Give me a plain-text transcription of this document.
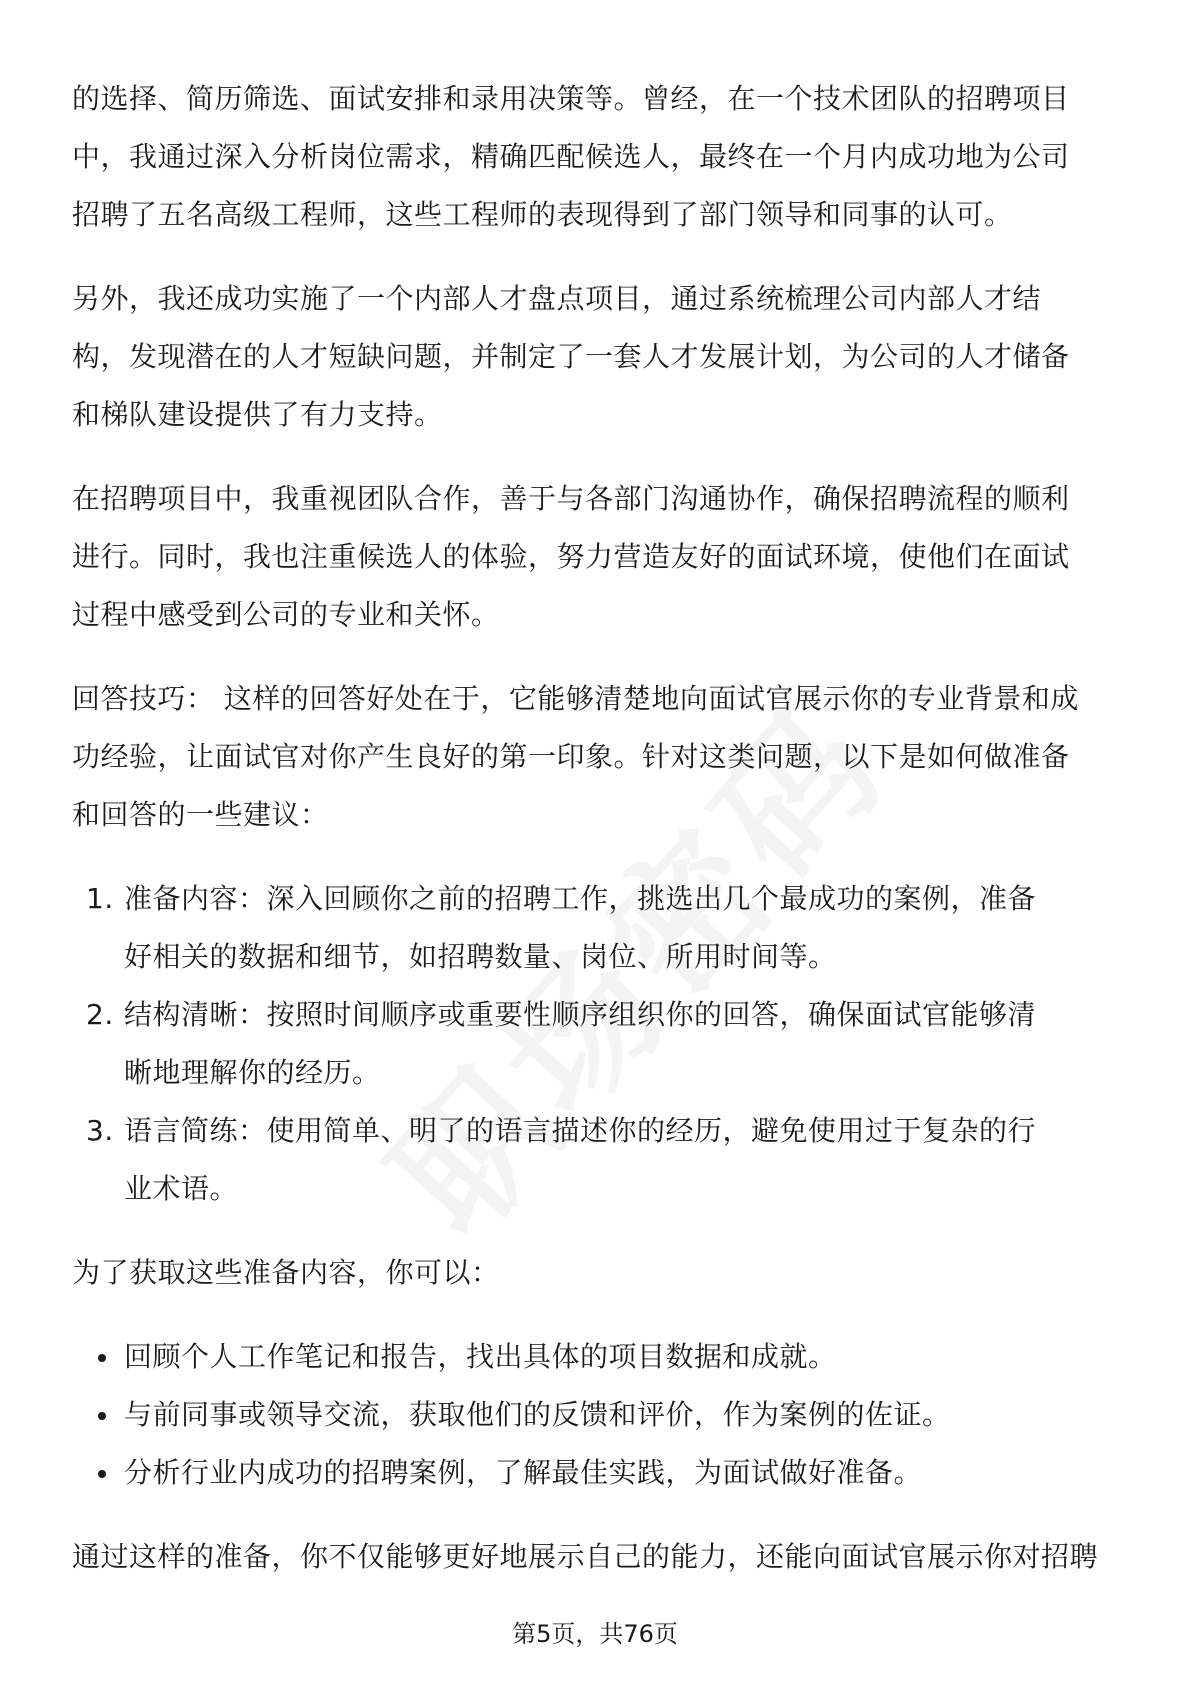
的选择、简历筛选、面试安排和录用决策等。曾经，在一个技术团队的招聘项目中，我通过深入分析岗位需求，精确匹配候选人，最终在一个月内成功地为公司招聘了五名高级工程师，这些工程师的表现得到了部门领导和同事的认可。

另外，我还成功实施了一个内部人才盘点项目，通过系统梳理公司内部人才结构，发现潜在的人才短缺问题，并制定了一套人才发展计划，为公司的人才储备和梯队建设提供了有力支持。

在招聘项目中，我重视团队合作，善于与各部门沟通协作，确保招聘流程的顺利进行。同时，我也注重候选人的体验，努力营造友好的面试环境，使他们在面试过程中感受到公司的专业和关怀。

回答技巧： 这样的回答好处在于，它能够清楚地向面试官展示你的专业背景和成功经验，让面试官对你产生良好的第一印象。针对这类问题，以下是如何做准备和回答的一些建议：

1. 准备内容：深入回顾你之前的招聘工作，挑选出几个最成功的案例，准备好相关的数据和细节，如招聘数量、岗位、所用时间等。
2. 结构清晰：按照时间顺序或重要性顺序组织你的回答，确保面试官能够清晰地理解你的经历。
3. 语言简练：使用简单、明了的语言描述你的经历，避免使用过于复杂的行业术语。

为了获取这些准备内容，你可以：

回顾个人工作笔记和报告，找出具体的项目数据和成就。
与前同事或领导交流，获取他们的反馈和评价，作为案例的佐证。
分析行业内成功的招聘案例，了解最佳实践，为面试做好准备。

通过这样的准备，你不仅能够更好地展示自己的能力，还能向面试官展示你对招聘

第5页，共76页
